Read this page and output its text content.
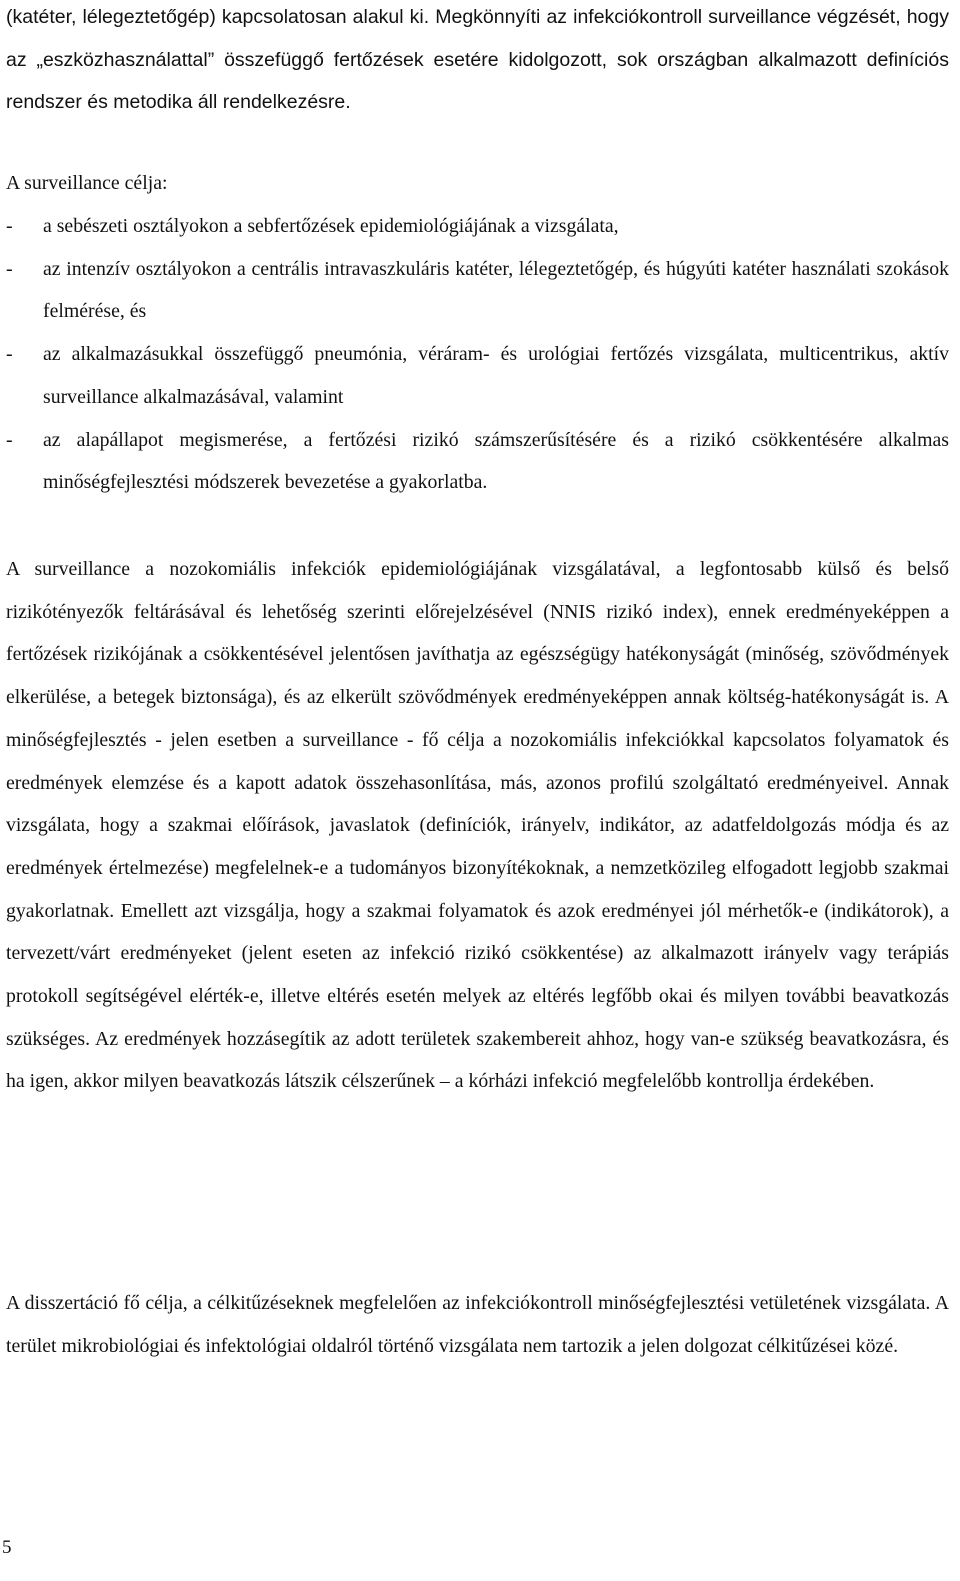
(katéter, lélegeztetőgép) kapcsolatosan alakul ki. Megkönnyíti az infekciókontroll surveillance végzését, hogy az „eszközhasználattal” összefüggő fertőzések esetére kidolgozott, sok országban alkalmazott definíciós rendszer és metodika áll rendelkezésre.

A surveillance célja:

- a sebészeti osztályokon a sebfertőzések epidemiológiájának a vizsgálata,
- az intenzív osztályokon a centrális intravaszkuláris katéter, lélegeztetőgép, és húgyúti katéter használati szokások felmérése, és
- az alkalmazásukkal összefüggő pneumónia, véráram- és urológiai fertőzés vizsgálata, multicentrikus, aktív surveillance alkalmazásával, valamint
- az alapállapot megismerése, a fertőzési rizikó számszerűsítésére és a rizikó csökkentésére alkalmas minőségfejlesztési módszerek bevezetése a gyakorlatba.

A surveillance a nozokomiális infekciók epidemiológiájának vizsgálatával, a legfontosabb külső és belső rizikótényezők feltárásával és lehetőség szerinti előrejelzésével (NNIS rizikó index), ennek eredményeképpen a fertőzések rizikójának a csökkentésével jelentősen javíthatja az egészségügy hatékonyságát (minőség, szövődmények elkerülése, a betegek biztonsága), és az elkerült szövődmények eredményeképpen annak költség-hatékonyságát is. A minőségfejlesztés - jelen esetben a surveillance - fő célja a nozokomiális infekciókkal kapcsolatos folyamatok és eredmények elemzése és a kapott adatok összehasonlítása, más, azonos profilú szolgáltató eredményeivel. Annak vizsgálata, hogy a szakmai előírások, javaslatok (definíciók, irányelv, indikátor, az adatfeldolgozás módja és az eredmények értelmezése) megfelelnek-e a tudományos bizonyítékoknak, a nemzetközileg elfogadott legjobb szakmai gyakorlatnak. Emellett azt vizsgálja, hogy a szakmai folyamatok és azok eredményei jól mérhetők-e (indikátorok), a tervezett/várt eredményeket (jelent eseten az infekció rizikó csökkentése) az alkalmazott irányelv vagy terápiás protokoll segítségével elérték-e, illetve eltérés esetén melyek az eltérés legfőbb okai és milyen további beavatkozás szükséges. Az eredmények hozzásegítik az adott területek szakembereit ahhoz, hogy van-e szükség beavatkozásra, és ha igen, akkor milyen beavatkozás látszik célszerűnek – a kórházi infekció megfelelőbb kontrollja érdekében.

A disszertáció fő célja, a célkitűzéseknek megfelelően az infekciókontroll minőségfejlesztési vetületének vizsgálata. A terület mikrobiológiai és infektológiai oldalról történő vizsgálata nem tartozik a jelen dolgozat célkitűzései közé.

5
